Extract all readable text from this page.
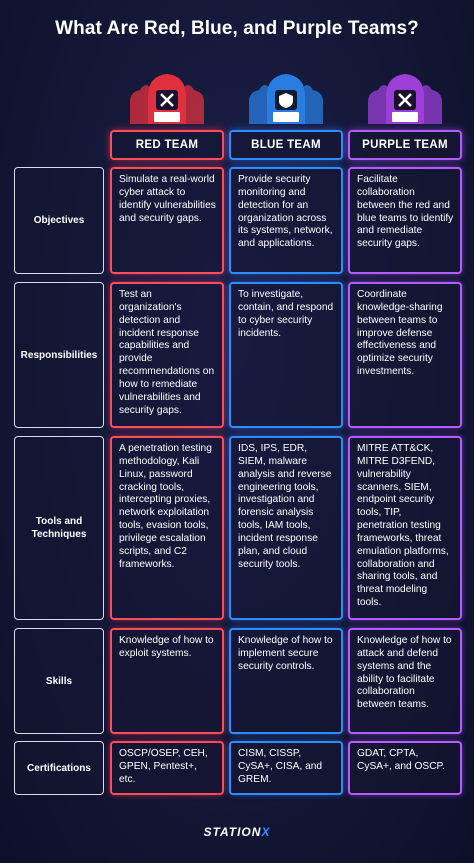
What Are Red, Blue, and Purple Teams?
RED TEAM	BLUE TEAM	PURPLE TEAM
Objectives
Simulate a real-world cyber attack to identify vulnerabilities and security gaps.
Provide security monitoring and detection for an organization across its systems, network, and applications.
Facilitate collaboration between the red and blue teams to identify and remediate security gaps.
Responsibilities
Test an organization's detection and incident response capabilities and provide recommendations on how to remediate vulnerabilities and security gaps.
To investigate, contain, and respond to cyber security incidents.
Coordinate knowledge-sharing between teams to improve defense effectiveness and optimize security investments.
Tools and Techniques
A penetration testing methodology, Kali Linux, password cracking tools, intercepting proxies, network exploitation tools, evasion tools, privilege escalation scripts, and C2 frameworks.
IDS, IPS, EDR, SIEM, malware analysis and reverse engineering tools, investigation and forensic analysis tools, IAM tools, incident response plan, and cloud security tools.
MITRE ATT&CK, MITRE D3FEND, vulnerability scanners, SIEM, endpoint security tools, TIP, penetration testing frameworks, threat emulation platforms, collaboration and sharing tools, and threat modeling tools.
Skills
Knowledge of how to exploit systems.
Knowledge of how to implement secure security controls.
Knowledge of how to attack and defend systems and the ability to facilitate collaboration between teams.
Certifications
OSCP/OSEP, CEH, GPEN, Pentest+, etc.
CISM, CISSP, CySA+, CISA, and GREM.
GDAT, CPTA, CySA+, and OSCP.
STATION X
